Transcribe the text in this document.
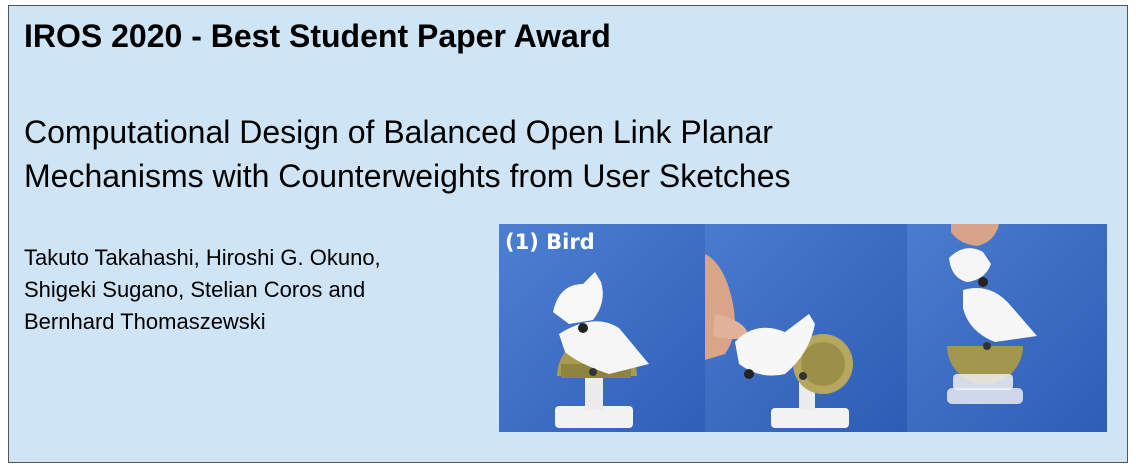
IROS 2020 - Best Student Paper Award
Computational Design of Balanced Open Link Planar
Mechanisms with Counterweights from User Sketches
Takuto Takahashi, Hiroshi G. Okuno,
Shigeki Sugano, Stelian Coros and
Bernhard Thomaszewski
(1) Bird
